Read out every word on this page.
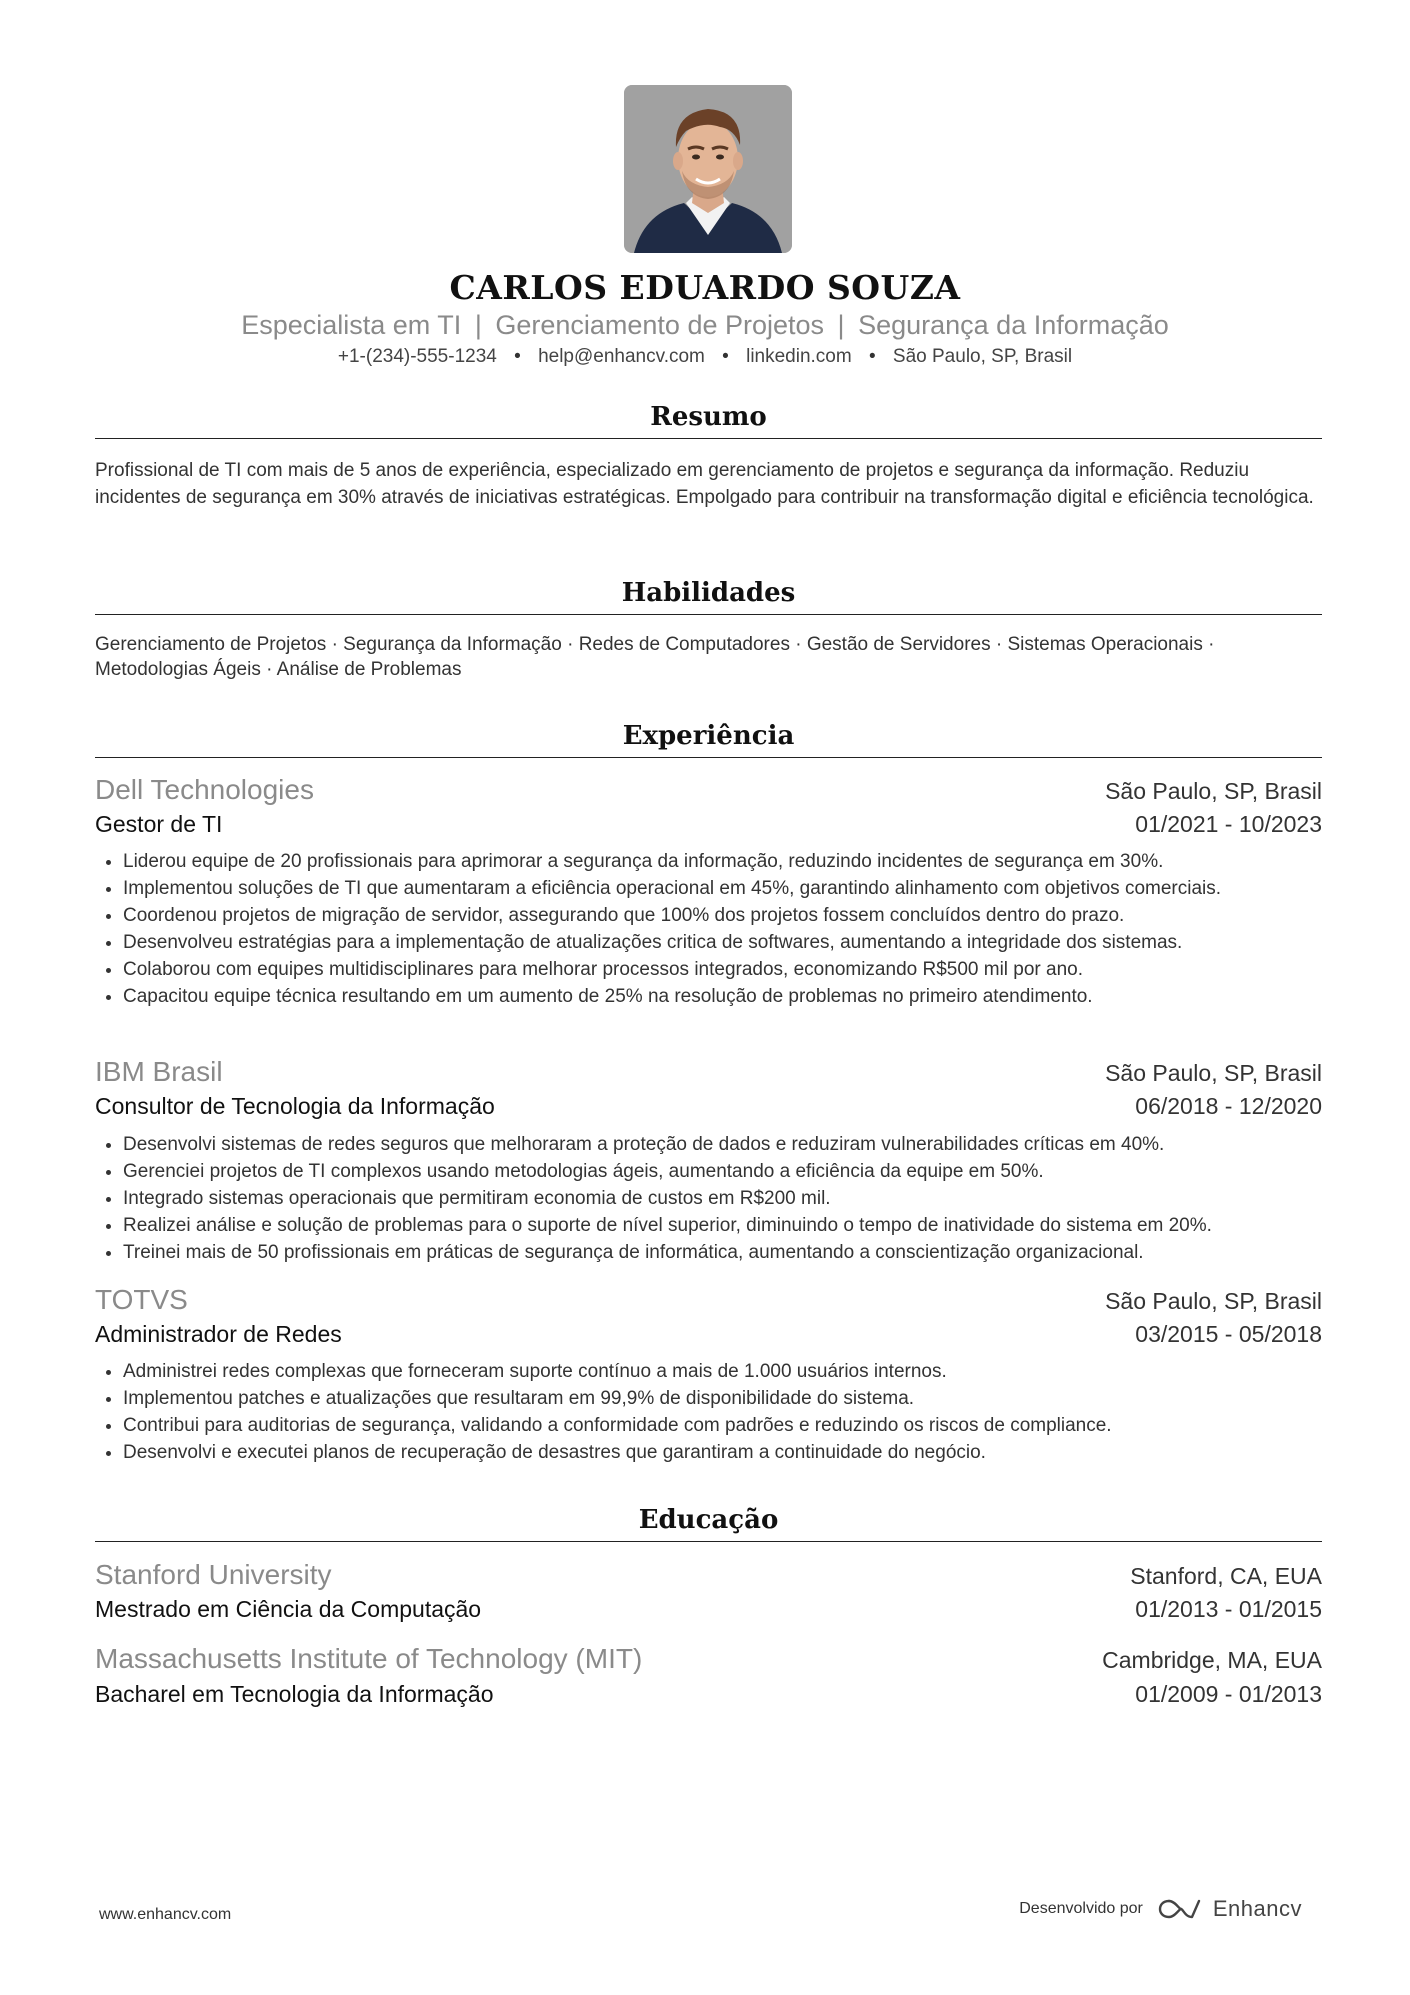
CARLOS EDUARDO SOUZA
Especialista em TI | Gerenciamento de Projetos | Segurança da Informação
+1-(234)-555-1234 • help@enhancv.com • linkedin.com • São Paulo, SP, Brasil
Resumo
Profissional de TI com mais de 5 anos de experiência, especializado em gerenciamento de projetos e segurança da informação. Reduziu incidentes de segurança em 30% através de iniciativas estratégicas. Empolgado para contribuir na transformação digital e eficiência tecnológica.
Habilidades
Gerenciamento de Projetos · Segurança da Informação · Redes de Computadores · Gestão de Servidores · Sistemas Operacionais · Metodologias Ágeis · Análise de Problemas
Experiência
Dell Technologies	São Paulo, SP, Brasil
Gestor de TI	01/2021 - 10/2023
• Liderou equipe de 20 profissionais para aprimorar a segurança da informação, reduzindo incidentes de segurança em 30%.
• Implementou soluções de TI que aumentaram a eficiência operacional em 45%, garantindo alinhamento com objetivos comerciais.
• Coordenou projetos de migração de servidor, assegurando que 100% dos projetos fossem concluídos dentro do prazo.
• Desenvolveu estratégias para a implementação de atualizações critica de softwares, aumentando a integridade dos sistemas.
• Colaborou com equipes multidisciplinares para melhorar processos integrados, economizando R$500 mil por ano.
• Capacitou equipe técnica resultando em um aumento de 25% na resolução de problemas no primeiro atendimento.
IBM Brasil	São Paulo, SP, Brasil
Consultor de Tecnologia da Informação	06/2018 - 12/2020
• Desenvolvi sistemas de redes seguros que melhoraram a proteção de dados e reduziram vulnerabilidades críticas em 40%.
• Gerenciei projetos de TI complexos usando metodologias ágeis, aumentando a eficiência da equipe em 50%.
• Integrado sistemas operacionais que permitiram economia de custos em R$200 mil.
• Realizei análise e solução de problemas para o suporte de nível superior, diminuindo o tempo de inatividade do sistema em 20%.
• Treinei mais de 50 profissionais em práticas de segurança de informática, aumentando a conscientização organizacional.
TOTVS	São Paulo, SP, Brasil
Administrador de Redes	03/2015 - 05/2018
• Administrei redes complexas que forneceram suporte contínuo a mais de 1.000 usuários internos.
• Implementou patches e atualizações que resultaram em 99,9% de disponibilidade do sistema.
• Contribui para auditorias de segurança, validando a conformidade com padrões e reduzindo os riscos de compliance.
• Desenvolvi e executei planos de recuperação de desastres que garantiram a continuidade do negócio.
Educação
Stanford University	Stanford, CA, EUA
Mestrado em Ciência da Computação	01/2013 - 01/2015
Massachusetts Institute of Technology (MIT)	Cambridge, MA, EUA
Bacharel em Tecnologia da Informação	01/2009 - 01/2013
www.enhancv.com	Desenvolvido por	Enhancv
